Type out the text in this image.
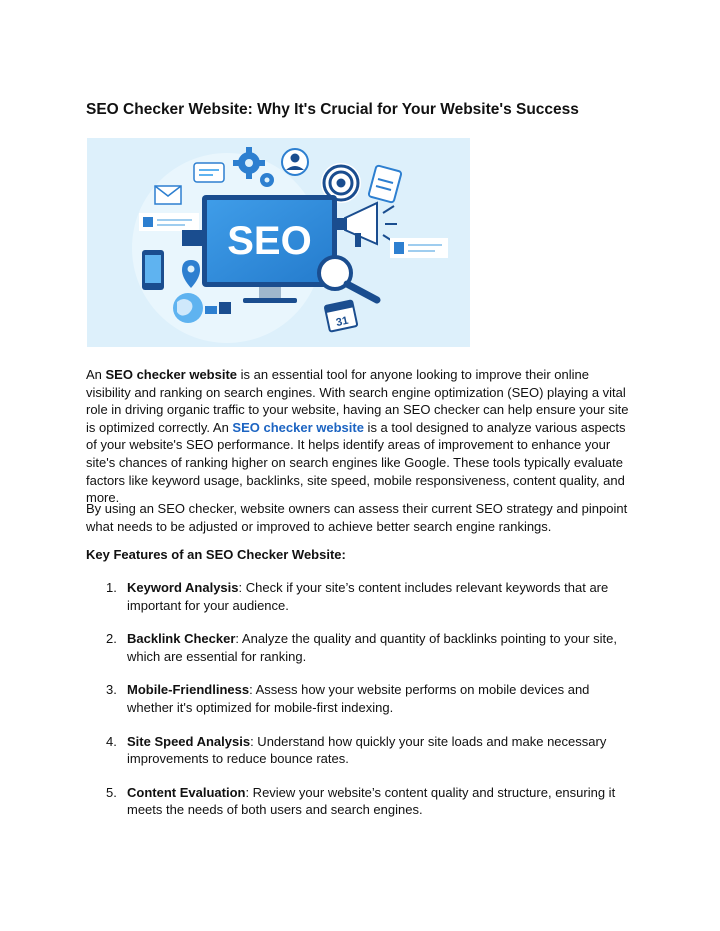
SEO Checker Website: Why It's Crucial for Your Website's Success
SEO
31

An SEO checker website is an essential tool for anyone looking to improve their online visibility and ranking on search engines. With search engine optimization (SEO) playing a vital role in driving organic traffic to your website, having an SEO checker can help ensure your site is optimized correctly. An SEO checker website is a tool designed to analyze various aspects of your website's SEO performance. It helps identify areas of improvement to enhance your site's chances of ranking higher on search engines like Google. These tools typically evaluate factors like keyword usage, backlinks, site speed, mobile responsiveness, content quality, and more.

By using an SEO checker, website owners can assess their current SEO strategy and pinpoint what needs to be adjusted or improved to achieve better search engine rankings.

Key Features of an SEO Checker Website:

1. Keyword Analysis: Check if your site’s content includes relevant keywords that are important for your audience.
2. Backlink Checker: Analyze the quality and quantity of backlinks pointing to your site, which are essential for ranking.
3. Mobile-Friendliness: Assess how your website performs on mobile devices and whether it's optimized for mobile-first indexing.
4. Site Speed Analysis: Understand how quickly your site loads and make necessary improvements to reduce bounce rates.
5. Content Evaluation: Review your website’s content quality and structure, ensuring it meets the needs of both users and search engines.
